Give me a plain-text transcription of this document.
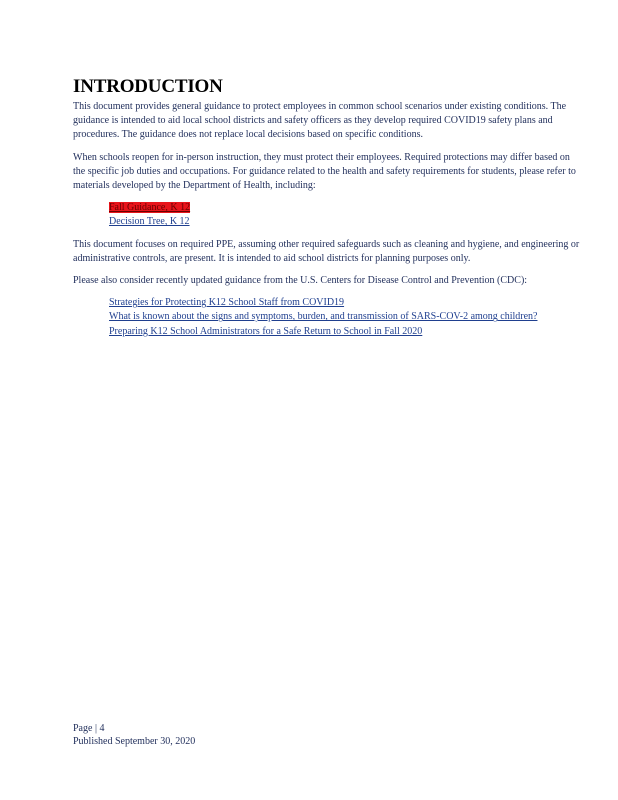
INTRODUCTION

This document provides general guidance to protect employees in common school scenarios under existing conditions. The guidance is intended to aid local school districts and safety officers as they develop required COVID19 safety plans and procedures. The guidance does not replace local decisions based on specific conditions.

When schools reopen for in-person instruction, they must protect their employees. Required protections may differ based on the specific job duties and occupations. For guidance related to the health and safety requirements for students, please refer to materials developed by the Department of Health, including:

Fall Guidance, K 12
Decision Tree, K 12

This document focuses on required PPE, assuming other required safeguards such as cleaning and hygiene, and engineering or administrative controls, are present. It is intended to aid school districts for planning purposes only.

Please also consider recently updated guidance from the U.S. Centers for Disease Control and Prevention (CDC):

Strategies for Protecting K12 School Staff from COVID19
What is known about the signs and symptoms, burden, and transmission of SARS-COV-2 among children?
Preparing K12 School Administrators for a Safe Return to School in Fall 2020
Page | 4
Published September 30, 2020
